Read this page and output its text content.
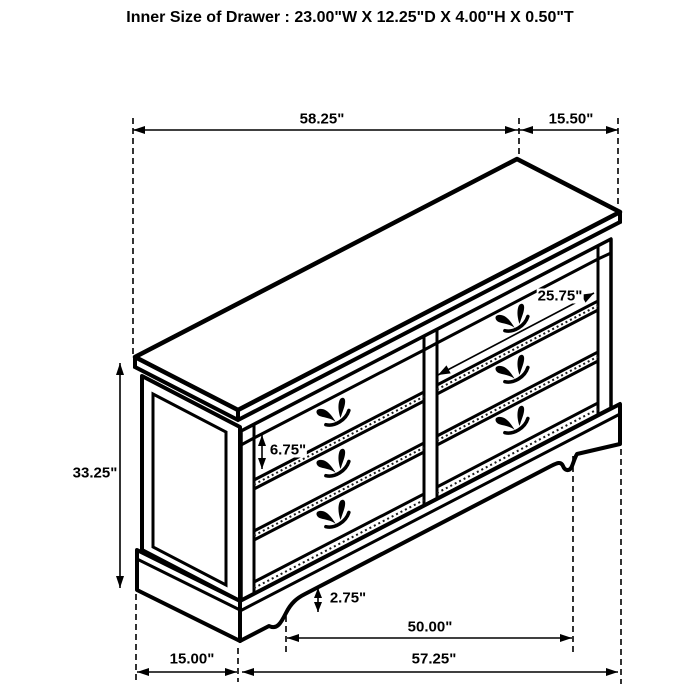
Inner Size of Drawer : 23.00"W X 12.25"D X 4.00"H X 0.50"T
58.25"	15.50"
25.75"
33.25"
6.75"
2.75"
50.00"
57.25"
15.00"
